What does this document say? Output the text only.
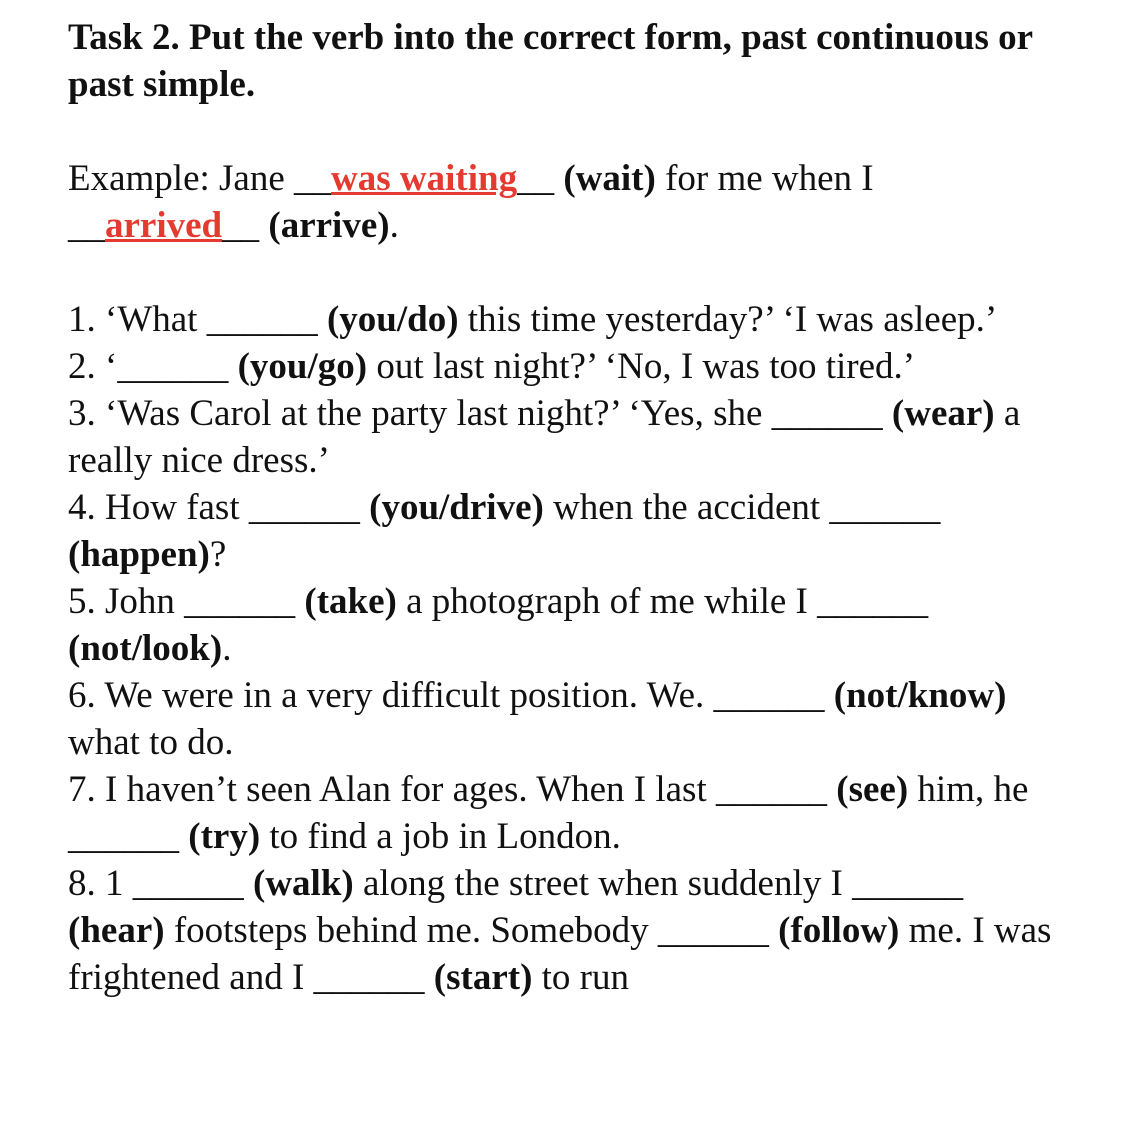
Task 2. Put the verb into the correct form, past continuous or past simple.

Example: Jane __was waiting__ (wait) for me when I __arrived__ (arrive).

1. ‘What ______ (you/do) this time yesterday?’ ‘I was asleep.’

2. ‘______ (you/go) out last night?’ ‘No, I was too tired.’

3. ‘Was Carol at the party last night?’ ‘Yes, she ______ (wear) a really nice dress.’

4. How fast ______ (you/drive) when the accident ______ (happen)?

5. John ______ (take) a photograph of me while I ______ (not/look).

6. We were in a very difficult position. We. ______ (not/know) what to do.

7. I haven’t seen Alan for ages. When I last ______ (see) him, he ______ (try) to find a job in London.

8. 1 ______ (walk) along the street when suddenly I ______ (hear) footsteps behind me. Somebody ______ (follow) me. I was frightened and I ______ (start) to run
